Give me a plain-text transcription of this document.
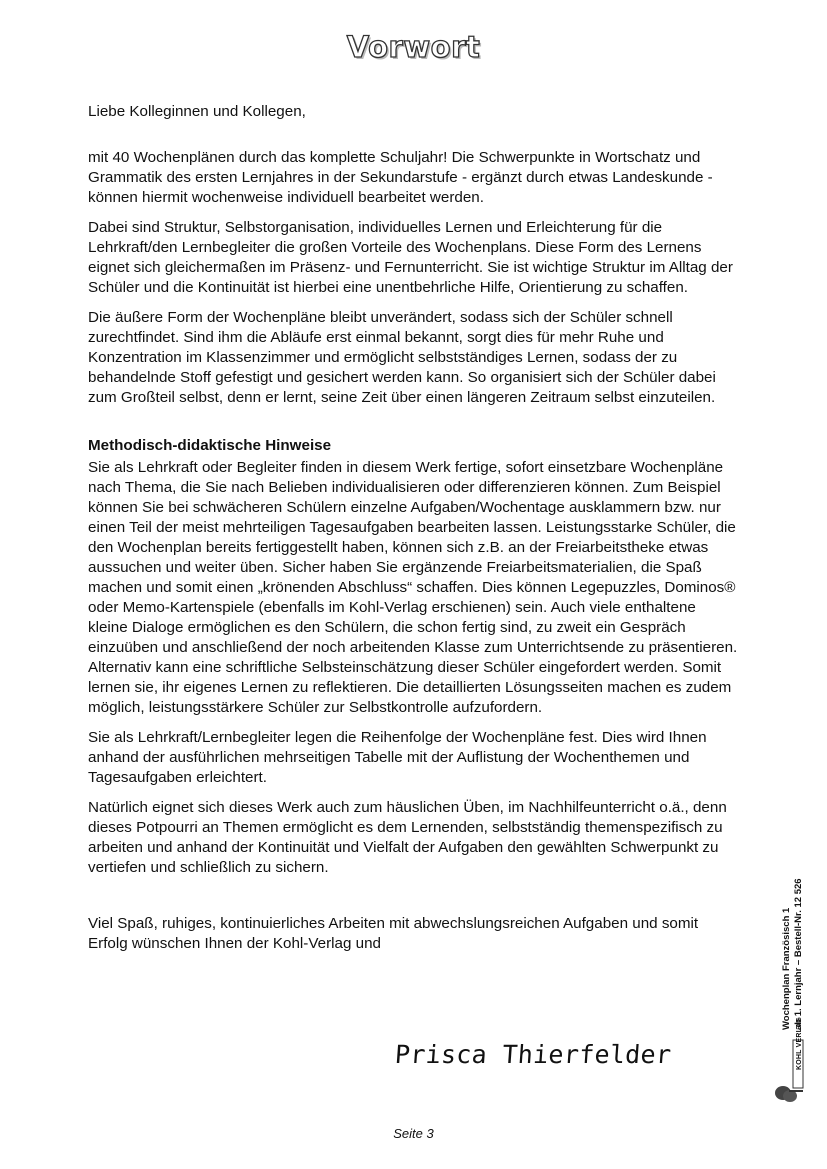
Vorwort

Liebe Kolleginnen und Kollegen,

mit 40 Wochenplänen durch das komplette Schuljahr! Die Schwerpunkte in Wortschatz und Grammatik des ersten Lernjahres in der Sekundarstufe - ergänzt durch etwas Landeskunde - können hiermit wochenweise individuell bearbeitet werden.

Dabei sind Struktur, Selbstorganisation, individuelles Lernen und Erleichterung für die Lehrkraft/den Lernbegleiter die großen Vorteile des Wochenplans. Diese Form des Lernens eignet sich gleichermaßen im Präsenz- und Fernunterricht. Sie ist wichtige Struktur im Alltag der Schüler und die Kontinuität ist hierbei eine unentbehrliche Hilfe, Orientierung zu schaffen.

Die äußere Form der Wochenpläne bleibt unverändert, sodass sich der Schüler schnell zurechtfindet. Sind ihm die Abläufe erst einmal bekannt, sorgt dies für mehr Ruhe und Konzentration im Klassenzimmer und ermöglicht selbstständiges Lernen, sodass der zu behandelnde Stoff gefestigt und gesichert werden kann. So organisiert sich der Schüler dabei zum Großteil selbst, denn er lernt, seine Zeit über einen längeren Zeitraum selbst einzuteilen.

Methodisch-didaktische Hinweise

Sie als Lehrkraft oder Begleiter finden in diesem Werk fertige, sofort einsetzbare Wochenpläne nach Thema, die Sie nach Belieben individualisieren oder differenzieren können. Zum Beispiel können Sie bei schwächeren Schülern einzelne Aufgaben/Wochentage ausklammern bzw. nur einen Teil der meist mehrteiligen Tagesaufgaben bearbeiten lassen. Leistungsstarke Schüler, die den Wochenplan bereits fertiggestellt haben, können sich z.B. an der Freiarbeitstheke etwas aussuchen und weiter üben. Sicher haben Sie ergänzende Freiarbeitsmaterialien, die Spaß machen und somit einen „krönenden Abschluss“ schaffen. Dies können Legepuzzles, Dominos® oder Memo-Kartenspiele (ebenfalls im Kohl-Verlag erschienen) sein. Auch viele enthaltene kleine Dialoge ermöglichen es den Schülern, die schon fertig sind, zu zweit ein Gespräch einzuüben und anschließend der noch arbeitenden Klasse zum Unterrichtsende zu präsentieren. Alternativ kann eine schriftliche Selbsteinschätzung dieser Schüler eingefordert werden. Somit lernen sie, ihr eigenes Lernen zu reflektieren. Die detaillierten Lösungsseiten machen es zudem möglich, leistungsstärkere Schüler zur Selbstkontrolle aufzufordern.

Sie als Lehrkraft/Lernbegleiter legen die Reihenfolge der Wochenpläne fest. Dies wird Ihnen anhand der ausführlichen mehrseitigen Tabelle mit der Auflistung der Wochenthemen und Tagesaufgaben erleichtert.

Natürlich eignet sich dieses Werk auch zum häuslichen Üben, im Nachhilfeunterricht o.ä., denn dieses Potpourri an Themen ermöglicht es dem Lernenden, selbstständig themenspezifisch zu arbeiten und anhand der Kontinuität und Vielfalt der Aufgaben den gewählten Schwerpunkt zu vertiefen und schließlich zu sichern.

Viel Spaß, ruhiges, kontinuierliches Arbeiten mit abwechslungsreichen Aufgaben und somit Erfolg wünschen Ihnen der Kohl-Verlag und

Prisca Thierfelder
Seite 3
Wochenplan Französisch 1 ab 1. Lernjahr – Bestell-Nr. 12 526
KOHL VERLAG
